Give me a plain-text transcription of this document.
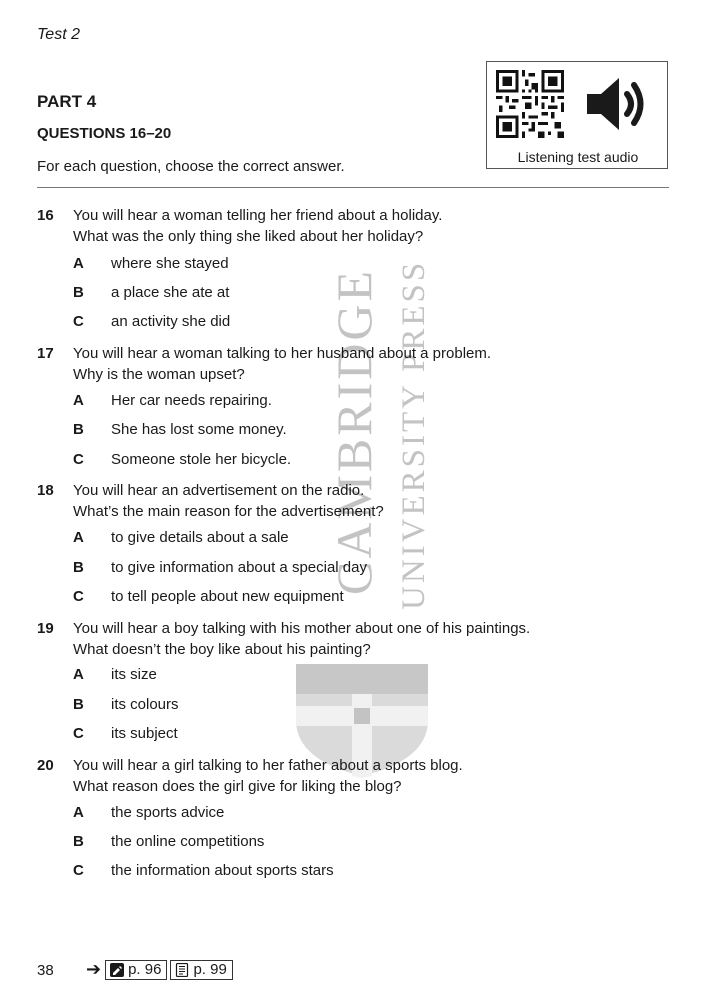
Test 2
PART 4
QUESTIONS 16–20
For each question, choose the correct answer.
Listening test audio
CAMBRIDGE UNIVERSITY PRESS
16 You will hear a woman telling her friend about a holiday.
What was the only thing she liked about her holiday?
A where she stayed
B a place she ate at
C an activity she did
17 You will hear a woman talking to her husband about a problem.
Why is the woman upset?
A Her car needs repairing.
B She has lost some money.
C Someone stole her bicycle.
18 You will hear an advertisement on the radio.
What’s the main reason for the advertisement?
A to give details about a sale
B to give information about a special day
C to tell people about new equipment
19 You will hear a boy talking with his mother about one of his paintings.
What doesn’t the boy like about his painting?
A its size
B its colours
C its subject
20 You will hear a girl talking to her father about a sports blog.
What reason does the girl give for liking the blog?
A the sports advice
B the online competitions
C the information about sports stars
38 ➔ p. 96 p. 99
